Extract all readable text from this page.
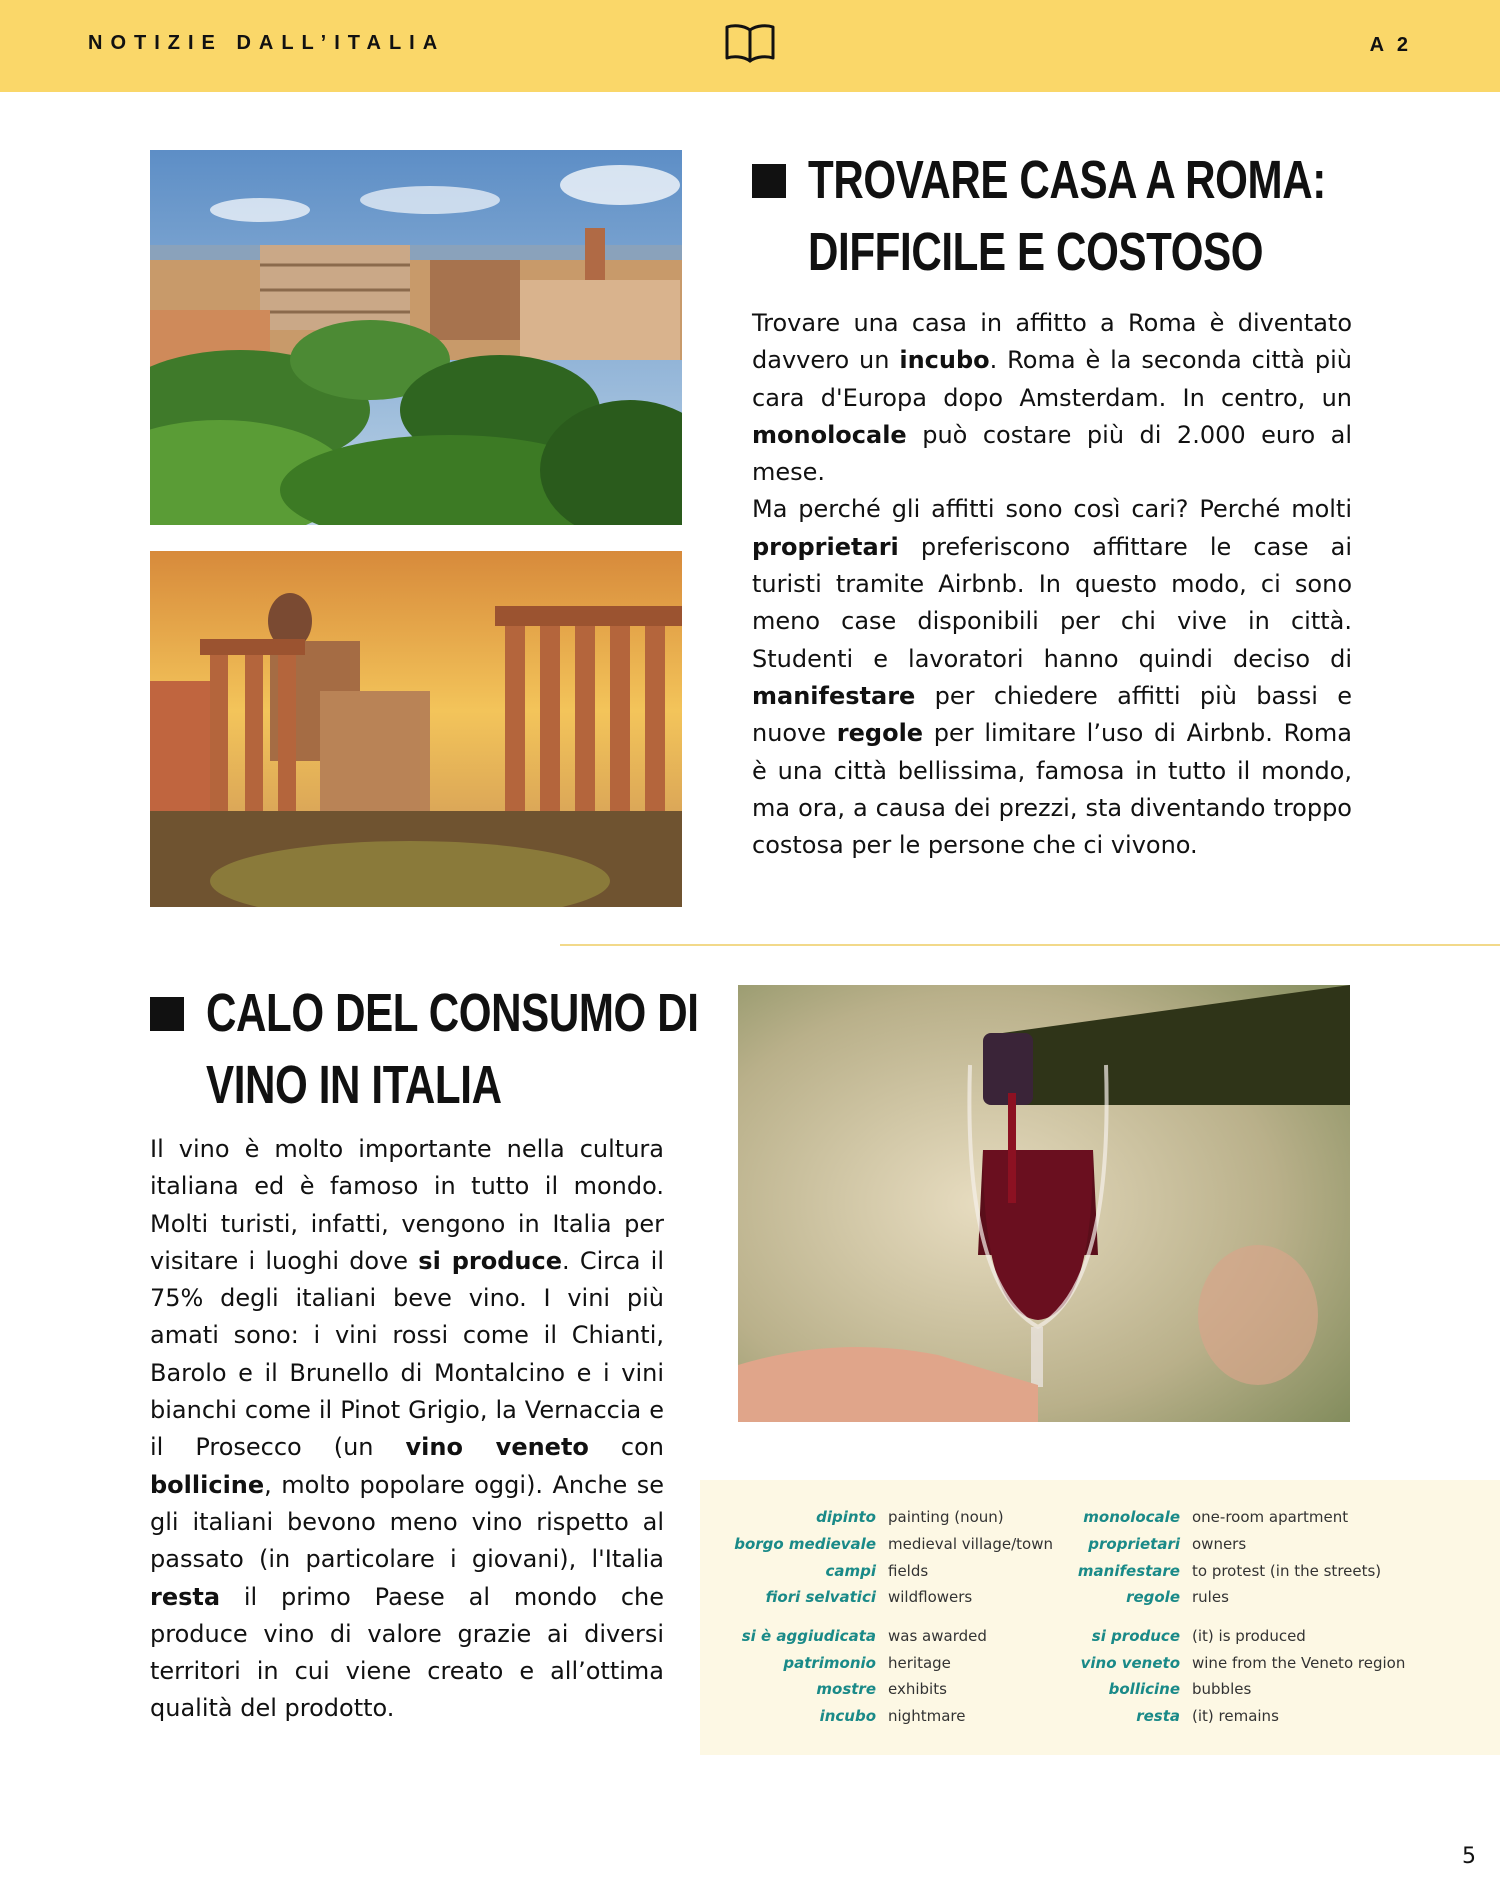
NOTIZIE DALL’ITALIA	A 2
TROVARE CASA A ROMA:
DIFFICILE E COSTOSO

Trovare una casa in affitto a Roma è diventato davvero un incubo. Roma è la seconda città più cara d'Europa dopo Amsterdam. In centro, un monolocale può costare più di 2.000 euro al mese.

Ma perché gli affitti sono così cari? Perché molti proprietari preferiscono affittare le case ai turisti tramite Airbnb. In questo modo, ci sono meno case disponibili per chi vive in città. Studenti e lavoratori hanno quindi deciso di manifestare per chiedere affitti più bassi e nuove regole per limitare l’uso di Airbnb. Roma è una città bellissima, famosa in tutto il mondo, ma ora, a causa dei prezzi, sta diventando troppo costosa per le persone che ci vivono.

CALO DEL CONSUMO DI
VINO IN ITALIA

Il vino è molto importante nella cultura italiana ed è famoso in tutto il mondo. Molti turisti, infatti, vengono in Italia per visitare i luoghi dove si produce. Circa il 75% degli italiani beve vino. I vini più amati sono: i vini rossi come il Chianti, Barolo e il Brunello di Montalcino e i vini bianchi come il Pinot Grigio, la Vernaccia e il Prosecco (un vino veneto con bollicine, molto popolare oggi). Anche se gli italiani bevono meno vino rispetto al passato (in particolare i giovani), l'Italia resta il primo Paese al mondo che produce vino di valore grazie ai diversi territori in cui viene creato e all’ottima qualità del prodotto.

dipinto painting (noun)
borgo medievale medieval village/town
campi fields
fiori selvatici wildflowers
si è aggiudicata was awarded
patrimonio heritage
mostre exhibits
incubo nightmare
monolocale one-room apartment
proprietari owners
manifestare to protest (in the streets)
regole rules
si produce (it) is produced
vino veneto wine from the Veneto region
bollicine bubbles
resta (it) remains
5
